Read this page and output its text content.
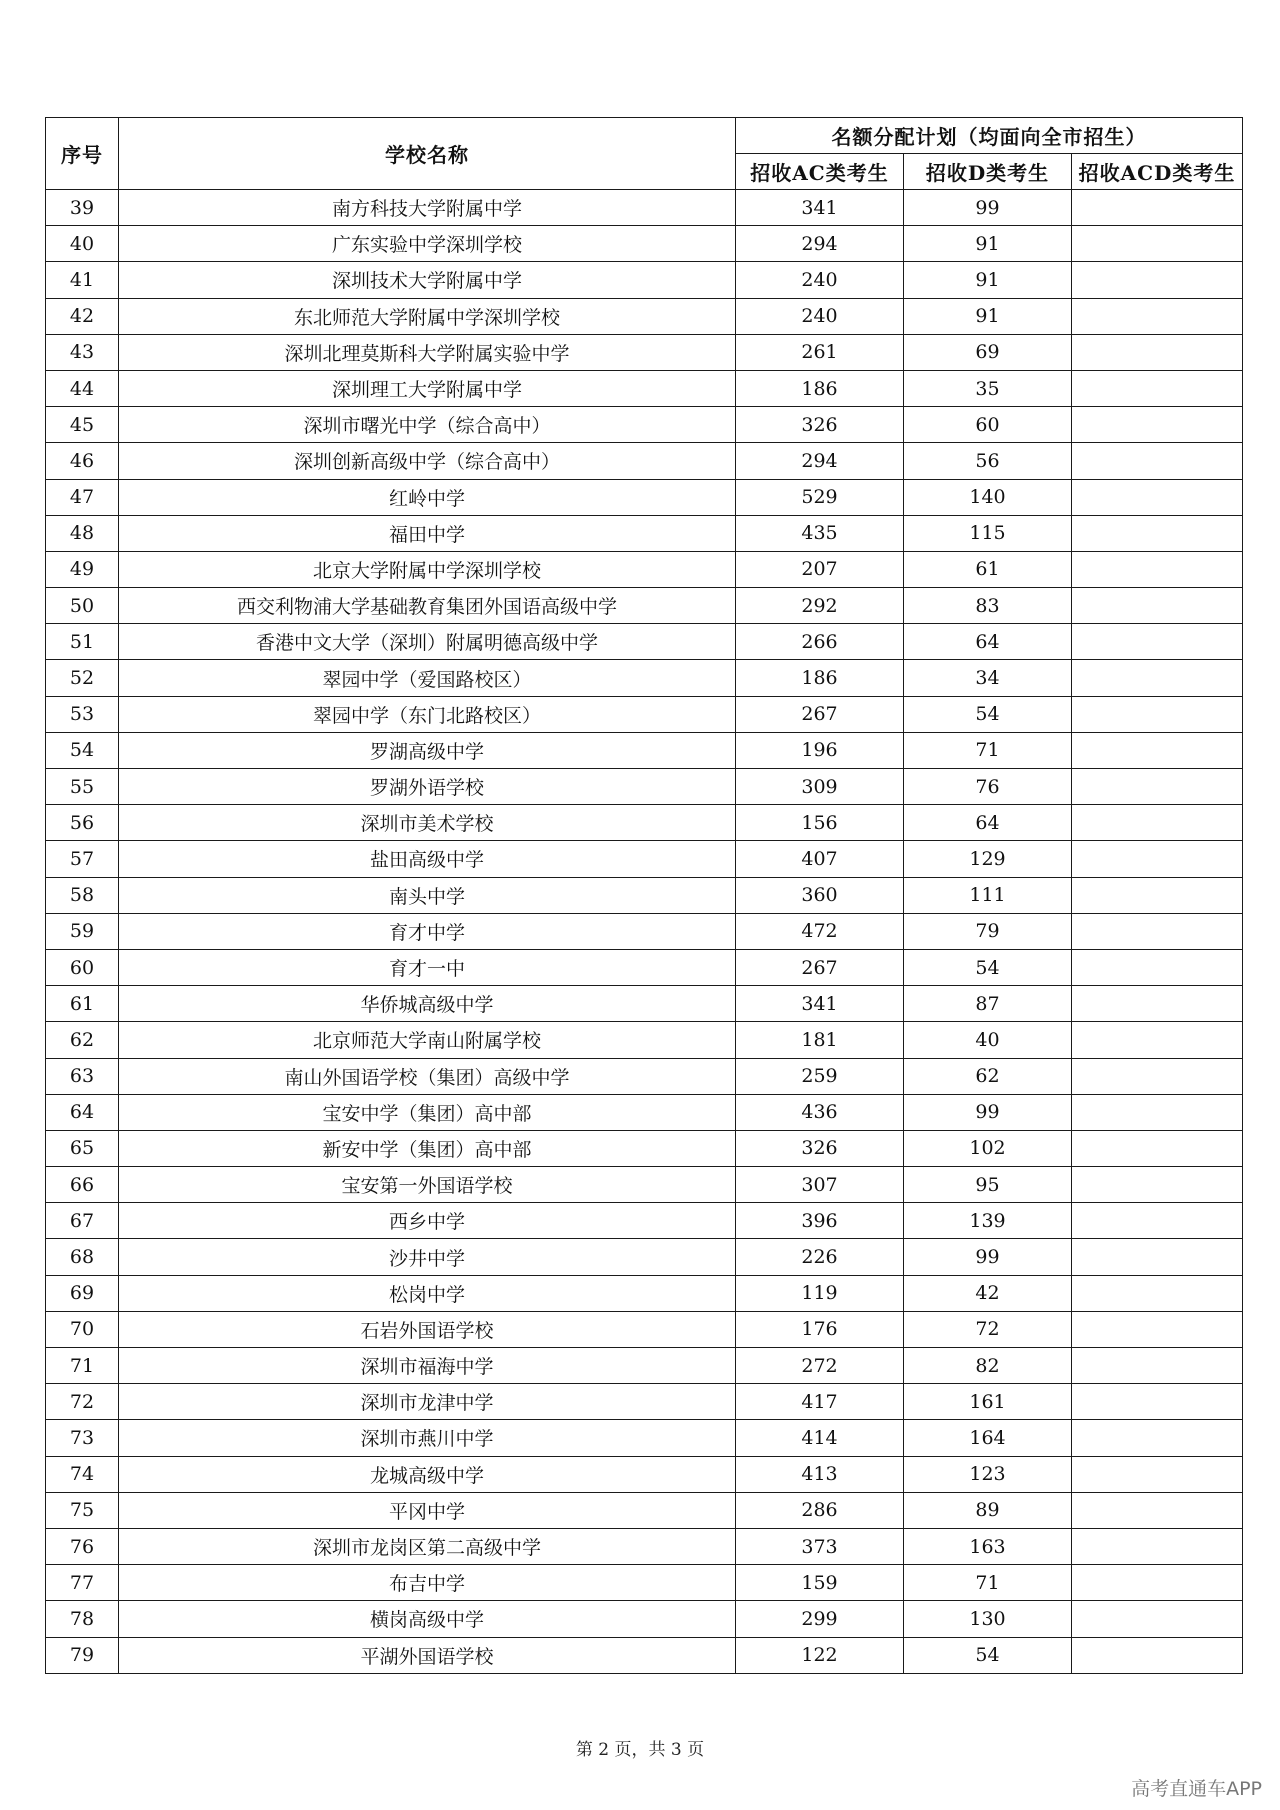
序号	学校名称	名额分配计划（均面向全市招生）		
		招收AC类考生	招收D类考生	招收ACD类考生
39	南方科技大学附属中学	341	99	
40	广东实验中学深圳学校	294	91	
41	深圳技术大学附属中学	240	91	
42	东北师范大学附属中学深圳学校	240	91	
43	深圳北理莫斯科大学附属实验中学	261	69	
44	深圳理工大学附属中学	186	35	
45	深圳市曙光中学（综合高中）	326	60	
46	深圳创新高级中学（综合高中）	294	56	
47	红岭中学	529	140	
48	福田中学	435	115	
49	北京大学附属中学深圳学校	207	61	
50	西交利物浦大学基础教育集团外国语高级中学	292	83	
51	香港中文大学（深圳）附属明德高级中学	266	64	
52	翠园中学（爱国路校区）	186	34	
53	翠园中学（东门北路校区）	267	54	
54	罗湖高级中学	196	71	
55	罗湖外语学校	309	76	
56	深圳市美术学校	156	64	
57	盐田高级中学	407	129	
58	南头中学	360	111	
59	育才中学	472	79	
60	育才一中	267	54	
61	华侨城高级中学	341	87	
62	北京师范大学南山附属学校	181	40	
63	南山外国语学校（集团）高级中学	259	62	
64	宝安中学（集团）高中部	436	99	
65	新安中学（集团）高中部	326	102	
66	宝安第一外国语学校	307	95	
67	西乡中学	396	139	
68	沙井中学	226	99	
69	松岗中学	119	42	
70	石岩外国语学校	176	72	
71	深圳市福海中学	272	82	
72	深圳市龙津中学	417	161	
73	深圳市燕川中学	414	164	
74	龙城高级中学	413	123	
75	平冈中学	286	89	
76	深圳市龙岗区第二高级中学	373	163	
77	布吉中学	159	71	
78	横岗高级中学	299	130	
79	平湖外国语学校	122	54	
第 2 页，共 3 页
高考直通车APP
